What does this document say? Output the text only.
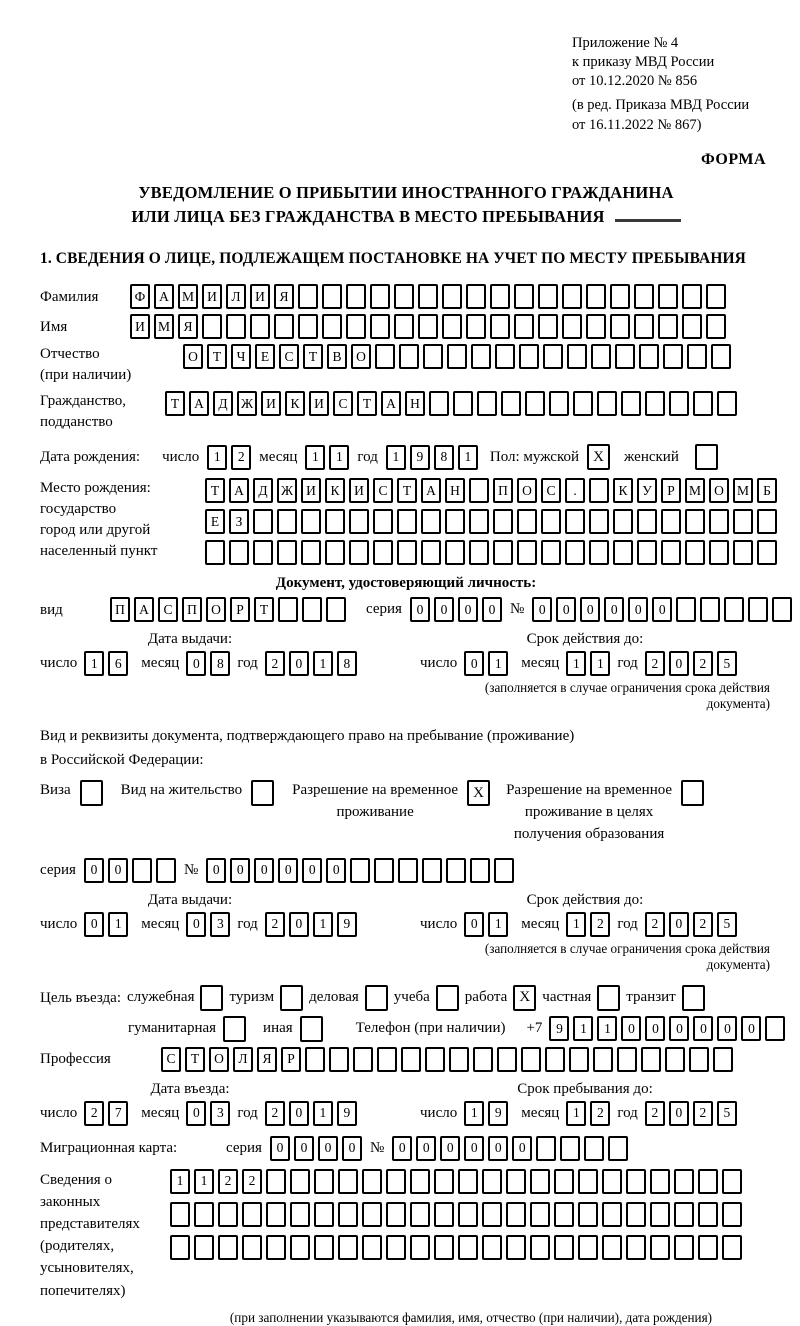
Приложение № 4
к приказу МВД России
от 10.12.2020 № 856
(в ред. Приказа МВД России
от 16.11.2022 № 867)
ФОРМА
УВЕДОМЛЕНИЕ О ПРИБЫТИИ ИНОСТРАННОГО ГРАЖДАНИНА
ИЛИ ЛИЦА БЕЗ ГРАЖДАНСТВА В МЕСТО ПРЕБЫВАНИЯ
1. СВЕДЕНИЯ О ЛИЦЕ, ПОДЛЕЖАЩЕМ ПОСТАНОВКЕ НА УЧЕТ ПО МЕСТУ ПРЕБЫВАНИЯ
Фамилия	Ф	А М И	Л	И	Я
Имя	И М Я
Отчество
(при наличии)
О	Т	Ч	Е	С	Т	В	О
Гражданство,
подданство
Т	А	Д Ж И	К	И	С	Т	А	Н
Дата рождения: число	1	2 месяц	1	1 год	1	9	8	1	Пол: мужской X	женский
Место рождения:
государство
город или другой
населенный пункт
Т	А	Д Ж И	К	И	С	Т	А	Н	П	О	С	.	К	У	Р	М О М	Б
Е	З
Документ, удостоверяющий личность:
вид	П	А	С	П	О	Р	Т	серия	0	0	0	0 №	0	0	0	0	0	0
Дата выдачи:
число	1	6	месяц	0	8 год	2	0	1	8
Срок действия до:
число	0	1	месяц	1	1 год	2	0	2	5
(заполняется в случае ограничения срока действия документа)
Вид и реквизиты документа, подтверждающего право на пребывание (проживание)
в Российской Федерации:
Виза	Вид на жительство	Разрешение на временное
проживание
X	Разрешение на временное
проживание в целях
получения образования
серия	0	0	№	0	0	0	0	0	0
Дата выдачи:
число	0	1	месяц	0	3 год	2	0	1	9
Срок действия до:
число	0	1	месяц	1	2 год	2	0	2	5
(заполняется в случае ограничения срока действия документа)
Цель въезда: служебная туризм деловая учеба работа X частная транзит
гуманитарная	иная	Телефон (при наличии) +7	9	1	1	0	0	0	0	0	0
Профессия	С	Т	О	Л	Я	Р
Дата въезда:
число	2	7	месяц	0	3 год	2	0	1	9
Срок пребывания до:
число	1	9	месяц	1	2 год	2	0	2	5
Миграционная карта:	серия	0	0	0	0 №	0	0	0	0	0	0
Сведения о
законных
представителях
(родителях,
усыновителях,
попечителях)
1	1	2	2
(при заполнении указываются фамилия, имя, отчество (при наличии), дата рождения)
